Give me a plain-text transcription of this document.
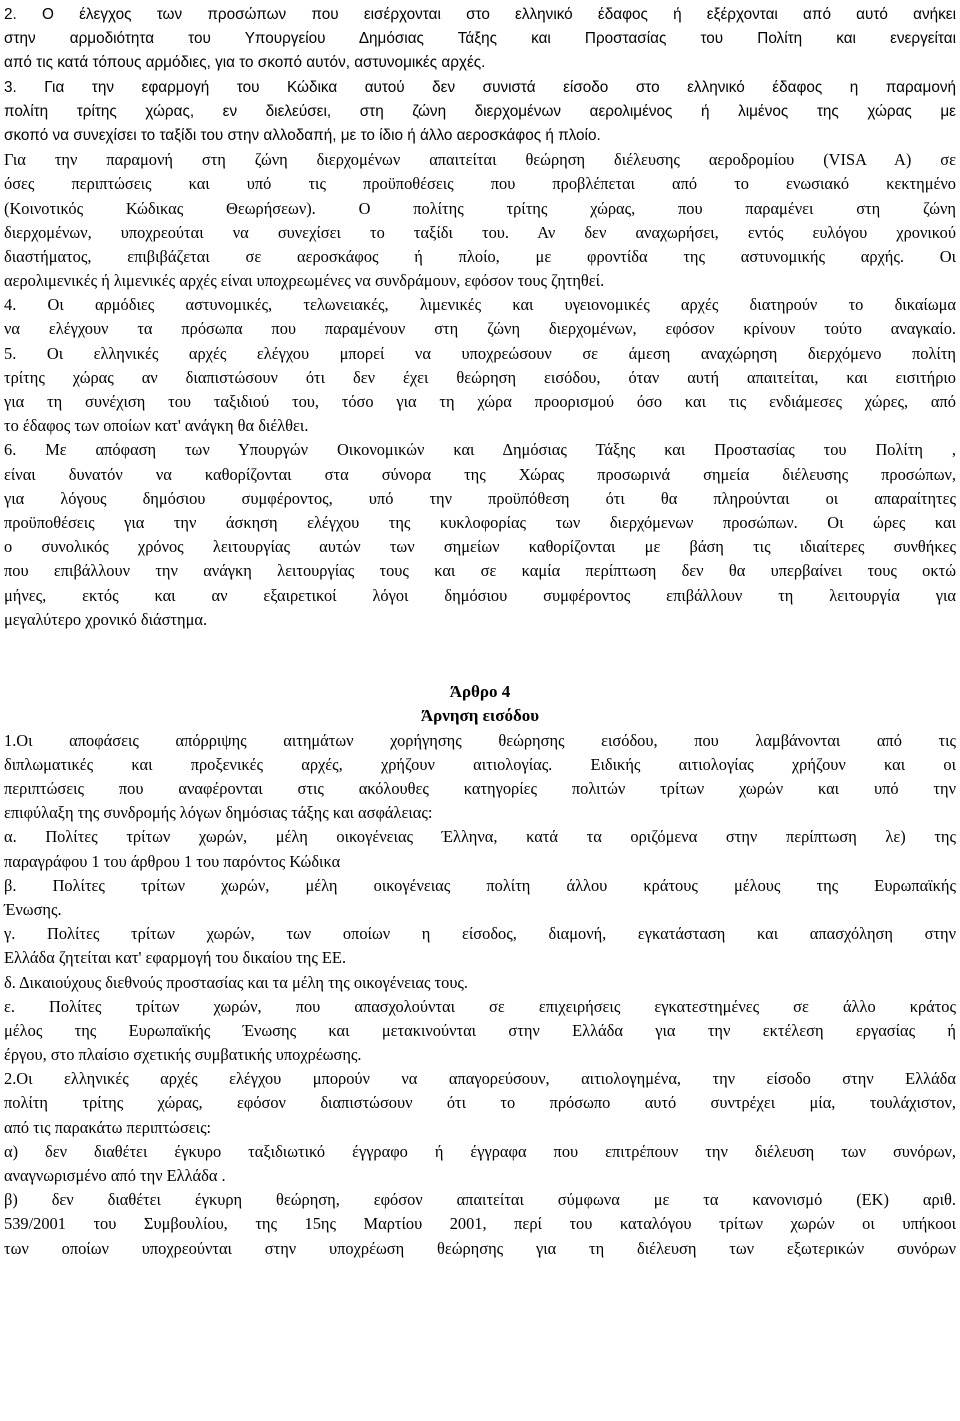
2. Ο έλεγχος των προσώπων που εισέρχονται στο ελληνικό έδαφος ή εξέρχονται από αυτό ανήκει
στην αρμοδιότητα του Υπουργείου Δημόσιας Τάξης και Προστασίας του Πολίτη και ενεργείται
από τις κατά τόπους αρμόδιες, για το σκοπό αυτόν, αστυνομικές αρχές.
3. Για την εφαρμογή του Κώδικα αυτού δεν συνιστά είσοδο στο ελληνικό έδαφος η παραμονή
πολίτη τρίτης χώρας, εν διελεύσει, στη ζώνη διερχομένων αερολιμένος ή λιμένος της χώρας με
σκοπό να συνεχίσει το ταξίδι του στην αλλοδαπή, με το ίδιο ή άλλο αεροσκάφος ή πλοίο.
Για την παραμονή στη ζώνη διερχομένων απαιτείται θεώρηση διέλευσης αεροδρομίου (VISA A) σε
όσες περιπτώσεις και υπό τις προϋποθέσεις που προβλέπεται από το ενωσιακό κεκτημένο
(Κοινοτικός Κώδικας Θεωρήσεων). Ο πολίτης τρίτης χώρας, που παραμένει στη ζώνη
διερχομένων, υποχρεούται να συνεχίσει το ταξίδι του. Αν δεν αναχωρήσει, εντός ευλόγου χρονικού
διαστήματος, επιβιβάζεται σε αεροσκάφος ή πλοίο, με φροντίδα της αστυνομικής αρχής. Οι
αερολιμενικές ή λιμενικές αρχές είναι υποχρεωμένες να συνδράμουν, εφόσον τους ζητηθεί.
4. Οι αρμόδιες αστυνομικές, τελωνειακές, λιμενικές και υγειονομικές αρχές διατηρούν το δικαίωμα
να ελέγχουν τα πρόσωπα που παραμένουν στη ζώνη διερχομένων, εφόσον κρίνουν τούτο αναγκαίο.
5. Οι ελληνικές αρχές ελέγχου μπορεί να υποχρεώσουν σε άμεση αναχώρηση διερχόμενο πολίτη
τρίτης χώρας αν διαπιστώσουν ότι δεν έχει θεώρηση εισόδου, όταν αυτή απαιτείται, και εισιτήριο
για τη συνέχιση του ταξιδιού του, τόσο για τη χώρα προορισμού όσο και τις ενδιάμεσες χώρες, από
το έδαφος των οποίων κατ' ανάγκη θα διέλθει.
6. Με απόφαση των Υπουργών Οικονομικών και Δημόσιας Τάξης και Προστασίας του Πολίτη ,
είναι δυνατόν να καθορίζονται στα σύνορα της Χώρας προσωρινά σημεία διέλευσης προσώπων,
για λόγους δημόσιου συμφέροντος, υπό την προϋπόθεση ότι θα πληρούνται οι απαραίτητες
προϋποθέσεις για την άσκηση ελέγχου της κυκλοφορίας των διερχόμενων προσώπων. Οι ώρες και
ο συνολικός χρόνος λειτουργίας αυτών των σημείων καθορίζονται με βάση τις ιδιαίτερες συνθήκες
που επιβάλλουν την ανάγκη λειτουργίας τους και σε καμία περίπτωση δεν θα υπερβαίνει τους οκτώ
μήνες, εκτός και αν εξαιρετικοί λόγοι δημόσιου συμφέροντος επιβάλλουν τη λειτουργία για
μεγαλύτερο χρονικό διάστημα.
Άρθρο 4
Άρνηση εισόδου
1.Οι αποφάσεις απόρριψης αιτημάτων χορήγησης θεώρησης εισόδου, που λαμβάνονται από τις
διπλωματικές και προξενικές αρχές, χρήζουν αιτιολογίας. Ειδικής αιτιολογίας χρήζουν και οι
περιπτώσεις που αναφέρονται στις ακόλουθες κατηγορίες πολιτών τρίτων χωρών και υπό την
επιφύλαξη της συνδρομής λόγων δημόσιας τάξης και ασφάλειας:
α. Πολίτες τρίτων χωρών, μέλη οικογένειας Έλληνα, κατά τα οριζόμενα στην περίπτωση λε) της
παραγράφου 1 του άρθρου 1 του παρόντος Κώδικα
β. Πολίτες τρίτων χωρών, μέλη οικογένειας πολίτη άλλου κράτους μέλους της Ευρωπαϊκής
Ένωσης.
γ. Πολίτες τρίτων χωρών, των οποίων η είσοδος, διαμονή, εγκατάσταση και απασχόληση στην
Ελλάδα ζητείται κατ' εφαρμογή του δικαίου της ΕΕ.
δ. Δικαιούχους διεθνούς προστασίας και τα μέλη της οικογένειας τους.
ε. Πολίτες τρίτων χωρών, που απασχολούνται σε επιχειρήσεις εγκατεστημένες σε άλλο κράτος
μέλος της Ευρωπαϊκής Ένωσης και μετακινούνται στην Ελλάδα για την εκτέλεση εργασίας ή
έργου, στο πλαίσιο σχετικής συμβατικής υποχρέωσης.
2.Οι ελληνικές αρχές ελέγχου μπορούν να απαγορεύσουν, αιτιολογημένα, την είσοδο στην Ελλάδα
πολίτη τρίτης χώρας, εφόσον διαπιστώσουν ότι το πρόσωπο αυτό συντρέχει μία, τουλάχιστον,
από τις παρακάτω περιπτώσεις:
α) δεν διαθέτει έγκυρο ταξιδιωτικό έγγραφο ή έγγραφα που επιτρέπουν την διέλευση των συνόρων,
αναγνωρισμένο από την Ελλάδα .
β) δεν διαθέτει έγκυρη θεώρηση, εφόσον απαιτείται σύμφωνα με τα κανονισμό (ΕΚ) αριθ.
539/2001 του Συμβουλίου, της 15ης Μαρτίου 2001, περί του καταλόγου τρίτων χωρών οι υπήκοοι
των οποίων υποχρεούνται στην υποχρέωση θεώρησης για τη διέλευση των εξωτερικών συνόρων
